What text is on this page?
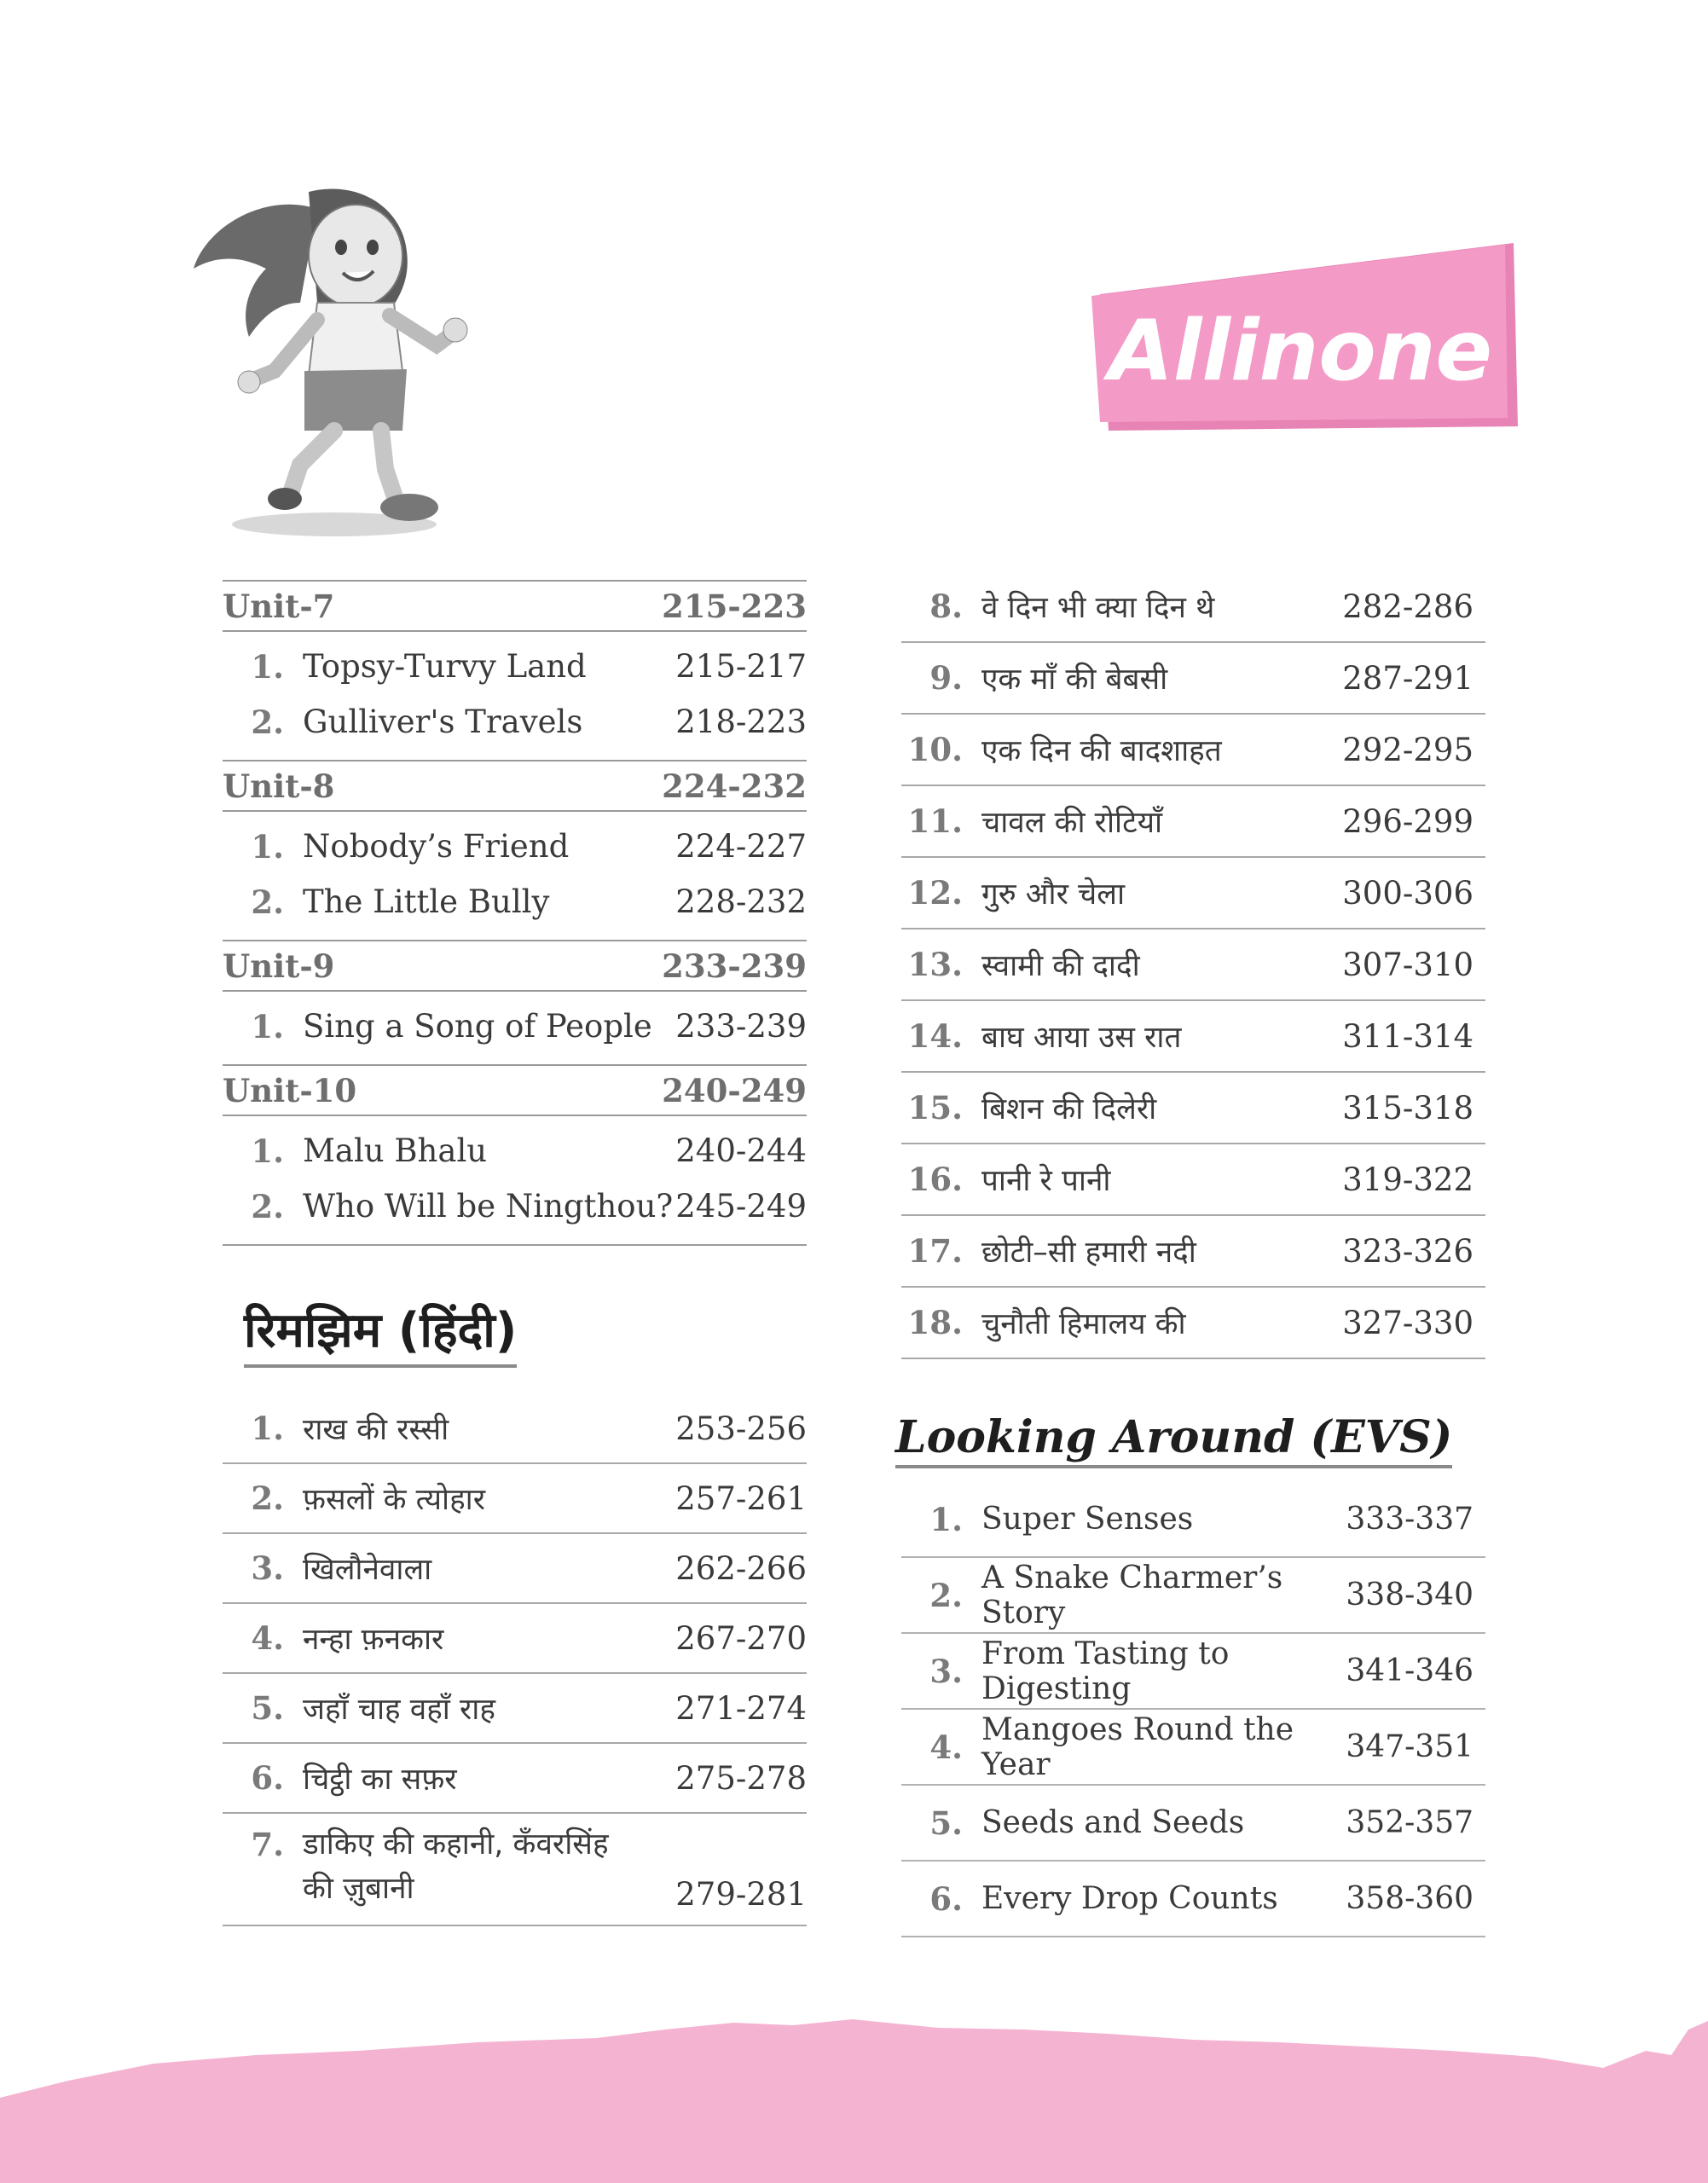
Allinone
Unit-7	215-223
1. Topsy-Turvy Land	215-217
2. Gulliver's Travels	218-223
Unit-8	224-232
1. Nobody’s Friend	224-227
2. The Little Bully	228-232
Unit-9	233-239
1. Sing a Song of People 233-239
Unit-10	240-249
1. Malu Bhalu	240-244
2. Who Will be Ningthou? 245-249
रिमझिम (हिंदी)
1. राख की रस्सी	253-256
2. फ़सलों के त्योहार	257-261
3. खिलौनेवाला	262-266
4. नन्हा फ़नकार	267-270
5. जहाँ चाह वहाँ राह	271-274
6. चिट्ठी का सफ़र	275-278
7. डाकिए की कहानी, कँवरसिंह
की ज़ुबानी	279-281
8. वे दिन भी क्या दिन थे	282-286
9. एक माँ की बेबसी	287-291
10. एक दिन की बादशाहत	292-295
11. चावल की रोटियाँ	296-299
12. गुरु और चेला	300-306
13. स्वामी की दादी	307-310
14. बाघ आया उस रात	311-314
15. बिशन की दिलेरी	315-318
16. पानी रे पानी	319-322
17. छोटी–सी हमारी नदी	323-326
18. चुनौती हिमालय की	327-330
Looking Around (EVS)
1. Super Senses	333-337
2. A Snake Charmer’s Story	338-340
3. From Tasting to Digesting	341-346
4. Mangoes Round the Year	347-351
5. Seeds and Seeds	352-357
6. Every Drop Counts	358-360
